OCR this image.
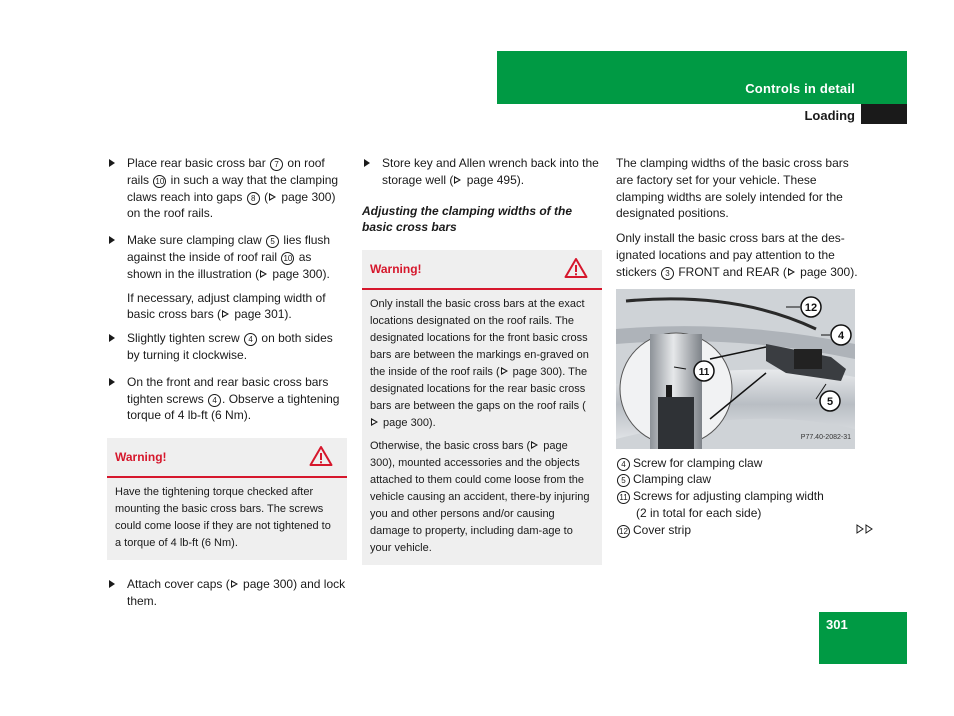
Controls in detail
Loading
Place rear basic cross bar 7 on roof rails 10 in such a way that the clamping claws reach into gaps 8 ( page 300) on the roof rails.
Make sure clamping claw 5 lies flush against the inside of roof rail 10 as shown in the illustration ( page 300).
If necessary, adjust clamping width of basic cross bars ( page 301).
Slightly tighten screw 4 on both sides by turning it clockwise.
On the front and rear basic cross bars tighten screws 4 . Observe a tightening torque of 4 lb-ft (6 Nm).
Warning!
Have the tightening torque checked after mounting the basic cross bars. The screws could come loose if they are not tightened to a torque of 4 lb-ft (6 Nm).
Attach cover caps ( page 300) and lock them.
Store key and Allen wrench back into the storage well ( page 495).
Adjusting the clamping widths of the basic cross bars
Warning!

Only install the basic cross bars at the exact locations designated on the roof rails. The designated locations for the front basic cross bars are between the markings en-graved on the inside of the roof rails ( page 300). The designated locations for the rear basic cross bars are between the gaps on the roof rails ( page 300).

Otherwise, the basic cross bars ( page 300), mounted accessories and the objects attached to them could come loose from the vehicle causing an accident, there-by injuring you and other persons and/or causing damage to property, including dam-age to your vehicle.

The clamping widths of the basic cross bars are factory set for your vehicle. These clamping widths are solely intended for the designated positions.

Only install the basic cross bars at the des-ignated locations and pay attention to the stickers 3 FRONT and REAR ( page 300).

12
4
11
5
P77.40-2082-31
4 Screw for clamping claw
5 Clamping claw
11 Screws for adjusting clamping width
(2 in total for each side)
12 Cover strip
301
